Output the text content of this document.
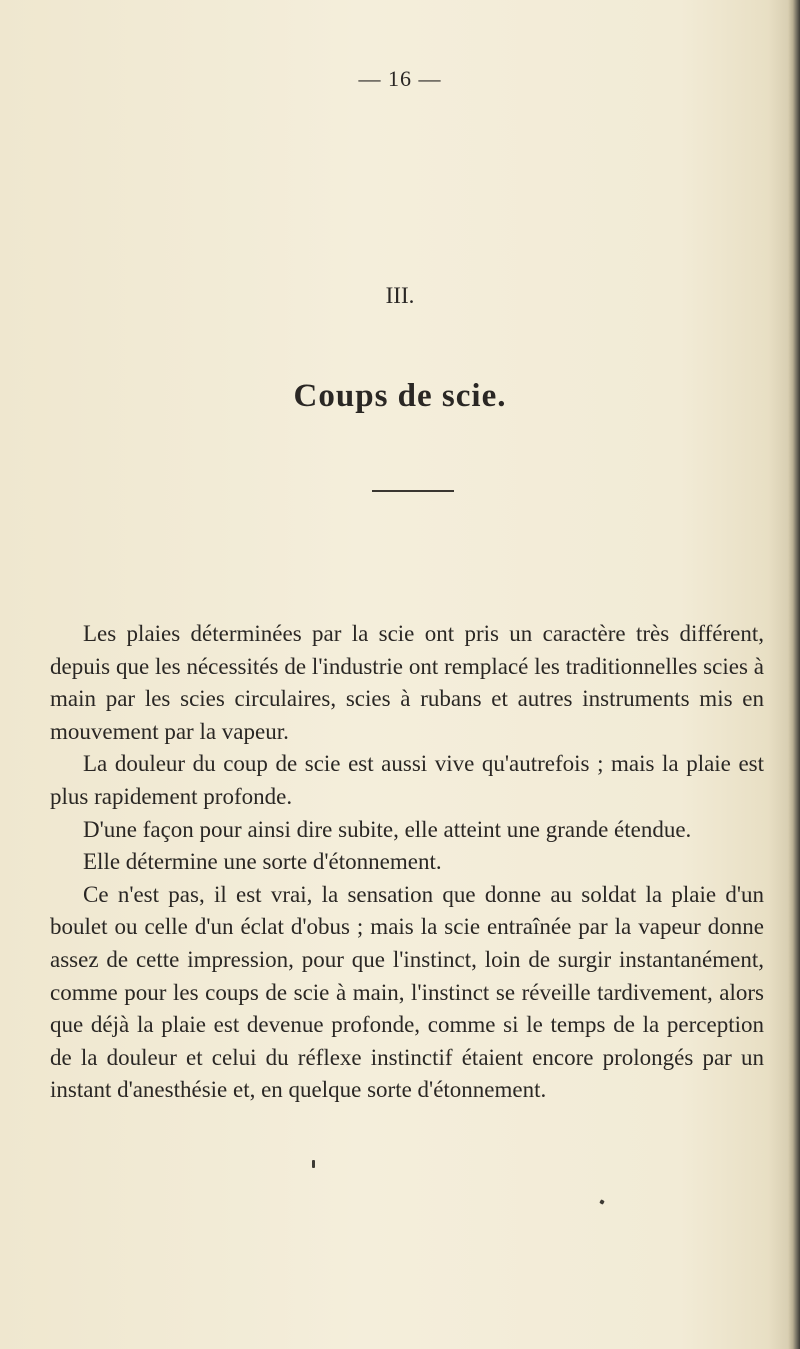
— 16 —
III.
Coups de scie.

Les plaies déterminées par la scie ont pris un caractère très différent, depuis que les nécessités de l'industrie ont remplacé les traditionnelles scies à main par les scies circulaires, scies à rubans et autres instruments mis en mouvement par la vapeur.

La douleur du coup de scie est aussi vive qu'autrefois ; mais la plaie est plus rapidement profonde.

D'une façon pour ainsi dire subite, elle atteint une grande étendue.

Elle détermine une sorte d'étonnement.

Ce n'est pas, il est vrai, la sensation que donne au soldat la plaie d'un boulet ou celle d'un éclat d'obus ; mais la scie entraînée par la vapeur donne assez de cette impression, pour que l'instinct, loin de surgir instantanément, comme pour les coups de scie à main, l'instinct se réveille tardivement, alors que déjà la plaie est devenue profonde, comme si le temps de la perception de la douleur et celui du réflexe instinctif étaient encore prolongés par un instant d'anesthésie et, en quelque sorte d'étonnement.
